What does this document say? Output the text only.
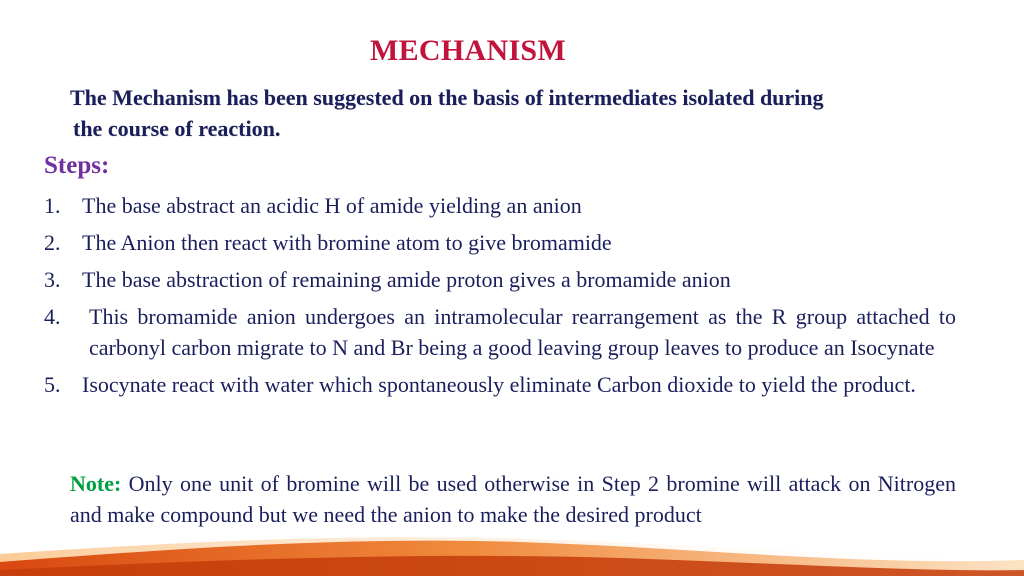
MECHANISM
The Mechanism has been suggested on the basis of intermediates isolated during
the course of reaction.
Steps:
1. The base abstract an acidic H of amide yielding an anion
2. The Anion then react with bromine atom to give bromamide
3. The base abstraction of remaining amide proton gives a bromamide anion
4.	This bromamide anion undergoes an intramolecular rearrangement as the R group attached to carbonyl carbon migrate to N and Br being a good leaving group leaves to produce an Isocynate
5. Isocynate react with water which spontaneously eliminate Carbon dioxide to yield the product.
Note: Only one unit of bromine will be used otherwise in Step 2 bromine will attack on Nitrogen and make compound but we need the anion to make the desired product
